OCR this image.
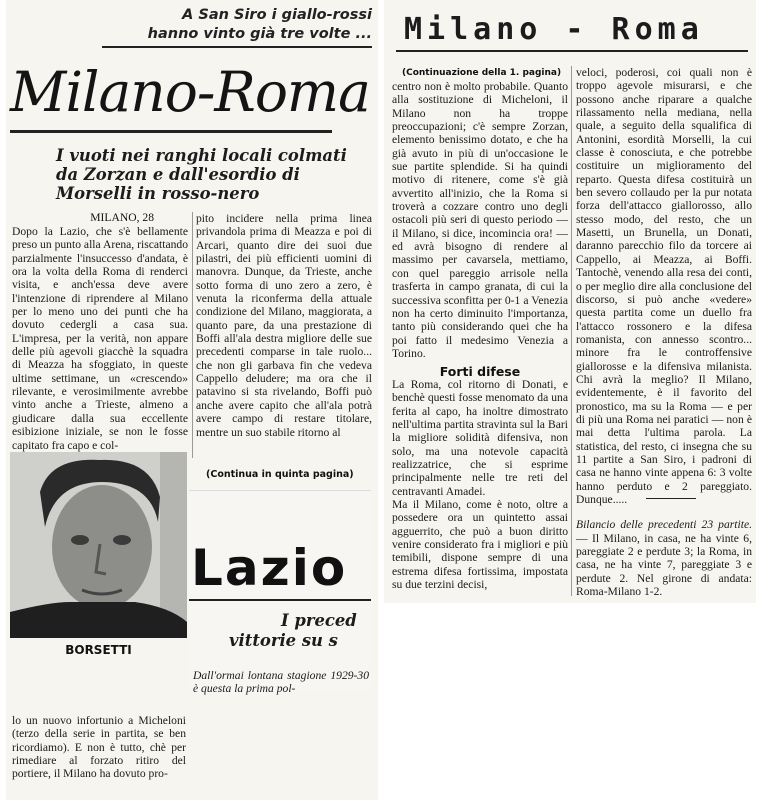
A San Siro i giallo-rossi
hanno vinto già tre volte ...
Milano-Roma
I vuoti nei ranghi locali colmati da Zorzan e dall'esordio di Morselli in rosso-nero
MILANO, 28
Dopo la Lazio, che s'è bellamente preso un punto alla Arena, riscattando parzialmente l'insuccesso d'andata, è ora la volta della Roma di renderci visita, e anch'essa deve avere l'intenzione di riprendere al Milano per lo meno uno dei punti che ha dovuto cedergli a casa sua. L'impresa, per la verità, non appare delle più agevoli giacchè la squadra di Meazza ha sfoggiato, in queste ultime settimane, un «crescendo» rilevante, e verosimilmente avrebbe vinto anche a Trieste, almeno a giudicare dalla sua eccellente esibizione iniziale, se non le fosse capitato fra capo e col-
pito incidere nella prima linea privandola prima di Meazza e poi di Arcari, quanto dire dei suoi due pilastri, dei più efficienti uomini di manovra. Dunque, da Trieste, anche sotto forma di uno zero a zero, è venuta la riconferma della attuale condizione del Milano, maggiorata, a quanto pare, da una prestazione di Boffi all'ala destra migliore delle sue precedenti comparse in tale ruolo... che non gli garbava fin che vedeva Cappello deludere; ma ora che il patavino si sta rivelando, Boffi può anche avere capito che all'ala potrà avere campo di restare titolare, mentre un suo stabile ritorno al
(Continua in quinta pagina)
BORSETTI
lo un nuovo infortunio a Micheloni (terzo della serie in partita, se ben ricordiamo). E non è tutto, chè per rimediare al forzato ritiro del portiere, il Milano ha dovuto pro-
Lazio
I preced
vittorie su s
Dall'ormai lontana stagione 1929-30 è questa la prima pol-
Milano - Roma
(Continuazione della 1. pagina)
centro non è molto probabile. Quanto alla sostituzione di Micheloni, il Milano non ha troppe preoccupazioni; c'è sempre Zorzan, elemento benissimo dotato, e che ha già avuto in più di un'occasione le sue partite splendide. Si ha quindi motivo di ritenere, come s'è già avvertito all'inizio, che la Roma si troverà a cozzare contro uno degli ostacoli più seri di questo periodo — il Milano, si dice, incomincia ora! — ed avrà bisogno di rendere al massimo per cavarsela, mettiamo, con quel pareggio arrisole nella trasferta in campo granata, di cui la successiva sconfitta per 0-1 a Venezia non ha certo diminuito l'importanza, tanto più considerando quei che ha poi fatto il medesimo Venezia a Torino.
Forti difese
La Roma, col ritorno di Donati, e benchè questi fosse menomato da una ferita al capo, ha inoltre dimostrato nell'ultima partita stravinta sul la Bari la migliore solidità difensiva, non solo, ma una notevole capacità realizzatrice, che si esprime principalmente nelle tre reti del centravanti Amadei.
Ma il Milano, come è noto, oltre a possedere ora un quintetto assai agguerrito, che può a buon diritto venire considerato fra i migliori e più temibili, dispone sempre di una estrema difesa fortissima, impostata su due terzini decisi,
veloci, poderosi, coi quali non è troppo agevole misurarsi, e che possono anche riparare a qualche rilassamento nella mediana, nella quale, a seguito della squalifica di Antonini, esordità Morselli, la cui classe è conosciuta, e che potrebbe costituire un miglioramento del reparto. Questa difesa costituirà un ben severo collaudo per la pur notata forza dell'attacco giallorosso, allo stesso modo, del resto, che un Masetti, un Brunella, un Donati, daranno parecchio filo da torcere ai Cappello, ai Meazza, ai Boffi. Tantochè, venendo alla resa dei conti, o per meglio dire alla conclusione del discorso, si può anche «vedere» questa partita come un duello fra l'attacco rossonero e la difesa romanista, con annesso scontro... minore fra le controffensive giallorosse e la difensiva milanista. Chi avrà la meglio? Il Milano, evidentemente, è il favorito del pronostico, ma su la Roma — e per di più una Roma nei paratici — non è mai detta l'ultima parola. La statistica, del resto, ci insegna che su 11 partite a San Siro, i padroni di casa ne hanno vinte appena 6: 3 volte hanno perduto e 2 pareggiato. Dunque.....

Bilancio delle precedenti 23 partite. — Il Milano, in casa, ne ha vinte 6, pareggiate 2 e perdute 3; la Roma, in casa, ne ha vinte 7, pareggiate 3 e perdute 2. Nel girone di andata: Roma-Milano 1-2.
